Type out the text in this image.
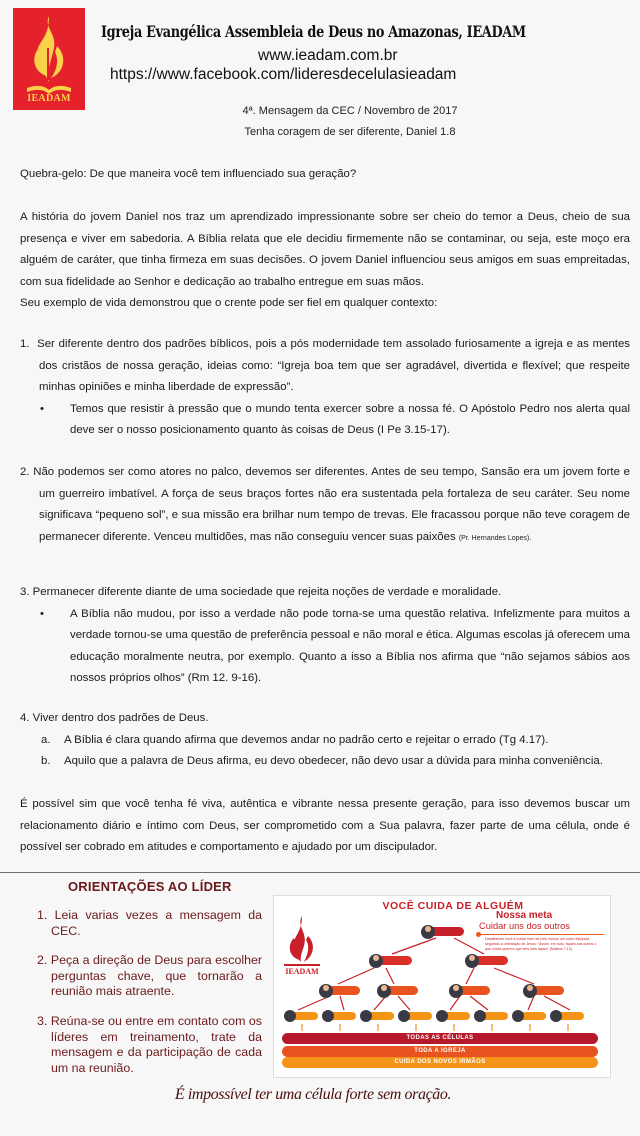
IEADAM
Igreja Evangélica Assembleia de Deus no Amazonas, IEADAM
www.ieadam.com.br
https://www.facebook.com/lideresdecelulasieadam
4ª. Mensagem da CEC / Novembro de 2017
Tenha coragem de ser diferente, Daniel 1.8
Quebra-gelo: De que maneira você tem influenciado sua geração?
A história do jovem Daniel nos traz um aprendizado impressionante sobre ser cheio do temor a Deus, cheio de sua presença e viver em sabedoria. A Bíblia relata que ele decidiu firmemente não se contaminar, ou seja, este moço era alguém de caráter, que tinha firmeza em suas decisões. O jovem Daniel influenciou seus amigos em suas empreitadas, com sua fidelidade ao Senhor e dedicação ao trabalho entregue em suas mãos.
Seu exemplo de vida demonstrou que o crente pode ser fiel em qualquer contexto:
1. Ser diferente dentro dos padrões bíblicos, pois a pós modernidade tem assolado furiosamente a igreja e as mentes dos cristãos de nossa geração, ideias como: “Igreja boa tem que ser agradável, divertida e flexível; que respeite minhas opiniões e minha liberdade de expressão”.
• Temos que resistir à pressão que o mundo tenta exercer sobre a nossa fé. O Apóstolo Pedro nos alerta qual deve ser o nosso posicionamento quanto às coisas de Deus (I Pe 3.15-17).
2. Não podemos ser como atores no palco, devemos ser diferentes. Antes de seu tempo, Sansão era um jovem forte e um guerreiro imbatível. A força de seus braços fortes não era sustentada pela fortaleza de seu caráter. Seu nome significava “pequeno sol”, e sua missão era brilhar num tempo de trevas. Ele fracassou porque não teve coragem de permanecer diferente. Venceu multidões, mas não conseguiu vencer suas paixões (Pr. Hernandes Lopes).
3. Permanecer diferente diante de uma sociedade que rejeita noções de verdade e moralidade.
• A Bíblia não mudou, por isso a verdade não pode torna-se uma questão relativa. Infelizmente para muitos a verdade tornou-se uma questão de preferência pessoal e não moral e ética. Algumas escolas já oferecem uma educação moralmente neutra, por exemplo. Quanto a isso a Bíblia nos afirma que “não sejamos sábios aos nossos próprios olhos” (Rm 12. 9-16).
4. Viver dentro dos padrões de Deus.
a. A Bíblia é clara quando afirma que devemos andar no padrão certo e rejeitar o errado (Tg 4.17).
b. Aquilo que a palavra de Deus afirma, eu devo obedecer, não devo usar a dúvida para minha conveniência.
É possível sim que você tenha fé viva, autêntica e vibrante nessa presente geração, para isso devemos buscar um relacionamento diário e íntimo com Deus, ser comprometido com a Sua palavra, fazer parte de uma célula, onde é possível ser cobrado em atitudes e comportamento e ajudado por um discipulador.
ORIENTAÇÕES AO LÍDER
1. Leia varias vezes a mensagem da CEC.
2. Peça a direção de Deus para escolher perguntas chave, que tornarão a reunião mais atraente.
3. Reúna-se ou entre em contato com os líderes em treinamento, trate da mensagem e da participação de cada um na reunião.
VOCÊ CUIDA DE ALGUÉM
IEADAM
Nossa meta
Cuidar uns dos outros
Desafiamos você a cuidar bem de pelo menos um outro discípulo, seguindo a orientação de Jesus: "Assim, em tudo, façam aos outros o que vocês querem que eles lhes façam" (Mateus 7.12)
TODAS AS CÉLULAS
TODA A IGREJA
CUIDA DOS NOVOS IRMÃOS
É impossível ter uma célula forte sem oração.
